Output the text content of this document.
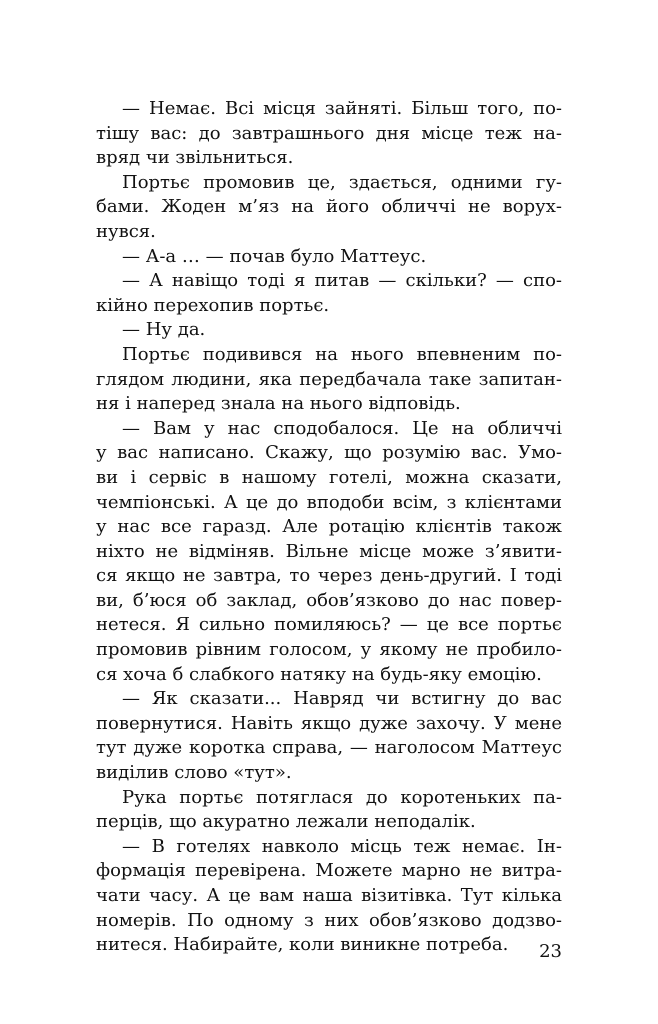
— Немає. Всі місця зайняті. Більш того, по-
тішу вас: до завтрашнього дня місце теж на-
вряд чи звільниться.
Портьє промовив це, здається, одними гу-
бами. Жоден м’яз на його обличчі не ворух-
нувся.
— А-а … — почав було Маттеус.
— А навіщо тоді я питав — скільки? — спо-
кійно перехопив портьє.
— Ну да.
Портьє подивився на нього впевненим по-
глядом людини, яка передбачала таке запитан-
ня і наперед знала на нього відповідь.
— Вам у нас сподобалося. Це на обличчі
у вас написано. Скажу, що розумію вас. Умо-
ви і сервіс в нашому готелі, можна сказати,
чемпіонські. А це до вподоби всім, з клієнтами
у нас все гаразд. Але ротацію клієнтів також
ніхто не відміняв. Вільне місце може з’явити-
ся якщо не завтра, то через день-другий. І тоді
ви, б’юся об заклад, обов’язково до нас повер-
нетеся. Я сильно помиляюсь? — це все портьє
промовив рівним голосом, у якому не пробило-
ся хоча б слабкого натяку на будь-яку емоцію.
— Як сказати... Навряд чи встигну до вас
повернутися. Навіть якщо дуже захочу. У мене
тут дуже коротка справа, — наголосом Маттеус
виділив слово «тут».
Рука портьє потяглася до коротеньких па-
перців, що акуратно лежали неподалік.
— В готелях навколо місць теж немає. Ін-
формація перевірена. Можете марно не витра-
чати часу. А це вам наша візитівка. Тут кілька
номерів. По одному з них обов’язково додзво-
нитеся. Набирайте, коли виникне потреба.	23
